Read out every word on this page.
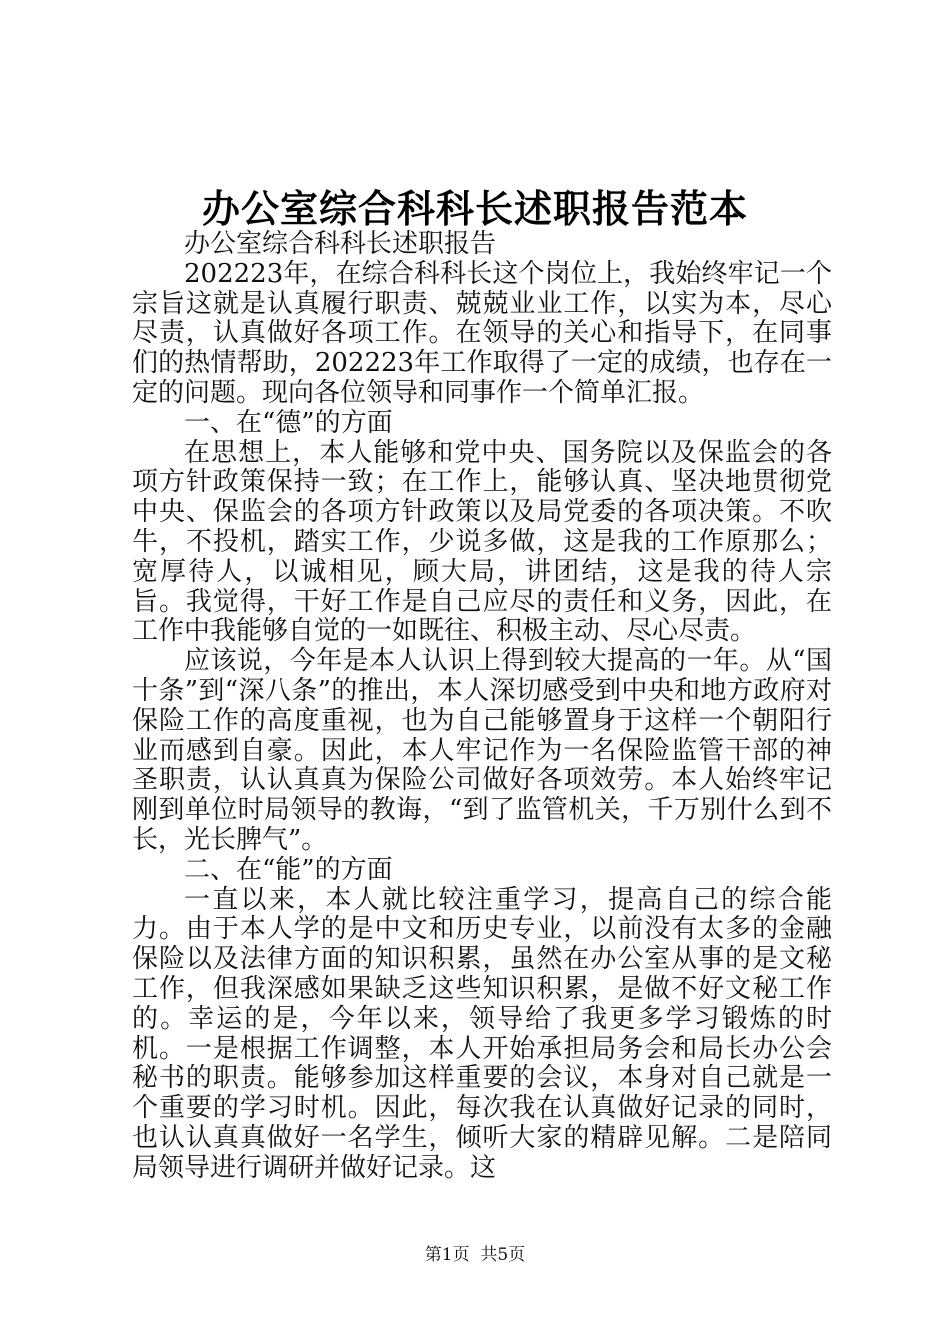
办公室综合科科长述职报告范本

办公室综合科科长述职报告

202223年，在综合科科长这个岗位上，我始终牢记一个宗旨这就是认真履行职责、兢兢业业工作，以实为本，尽心尽责，认真做好各项工作。在领导的关心和指导下，在同事们的热情帮助，202223年工作取得了一定的成绩，也存在一定的问题。现向各位领导和同事作一个简单汇报。

一、在“德”的方面

在思想上，本人能够和党中央、国务院以及保监会的各项方针政策保持一致；在工作上，能够认真、坚决地贯彻党中央、保监会的各项方针政策以及局党委的各项决策。不吹牛，不投机，踏实工作，少说多做，这是我的工作原那么；宽厚待人，以诚相见，顾大局，讲团结，这是我的待人宗旨。我觉得，干好工作是自己应尽的责任和义务，因此，在工作中我能够自觉的一如既往、积极主动、尽心尽责。

应该说，今年是本人认识上得到较大提高的一年。从“国十条”到“深八条”的推出，本人深切感受到中央和地方政府对保险工作的高度重视，也为自己能够置身于这样一个朝阳行业而感到自豪。因此，本人牢记作为一名保险监管干部的神圣职责，认认真真为保险公司做好各项效劳。本人始终牢记刚到单位时局领导的教诲，“到了监管机关，千万别什么到不长，光长脾气”。

二、在“能”的方面

一直以来，本人就比较注重学习，提高自己的综合能力。由于本人学的是中文和历史专业，以前没有太多的金融保险以及法律方面的知识积累，虽然在办公室从事的是文秘工作，但我深感如果缺乏这些知识积累，是做不好文秘工作的。幸运的是，今年以来，领导给了我更多学习锻炼的时机。一是根据工作调整，本人开始承担局务会和局长办公会秘书的职责。能够参加这样重要的会议，本身对自己就是一个重要的学习时机。因此，每次我在认真做好记录的同时，也认认真真做好一名学生，倾听大家的精辟见解。二是陪同局领导进行调研并做好记录。这

第1页  共5页
